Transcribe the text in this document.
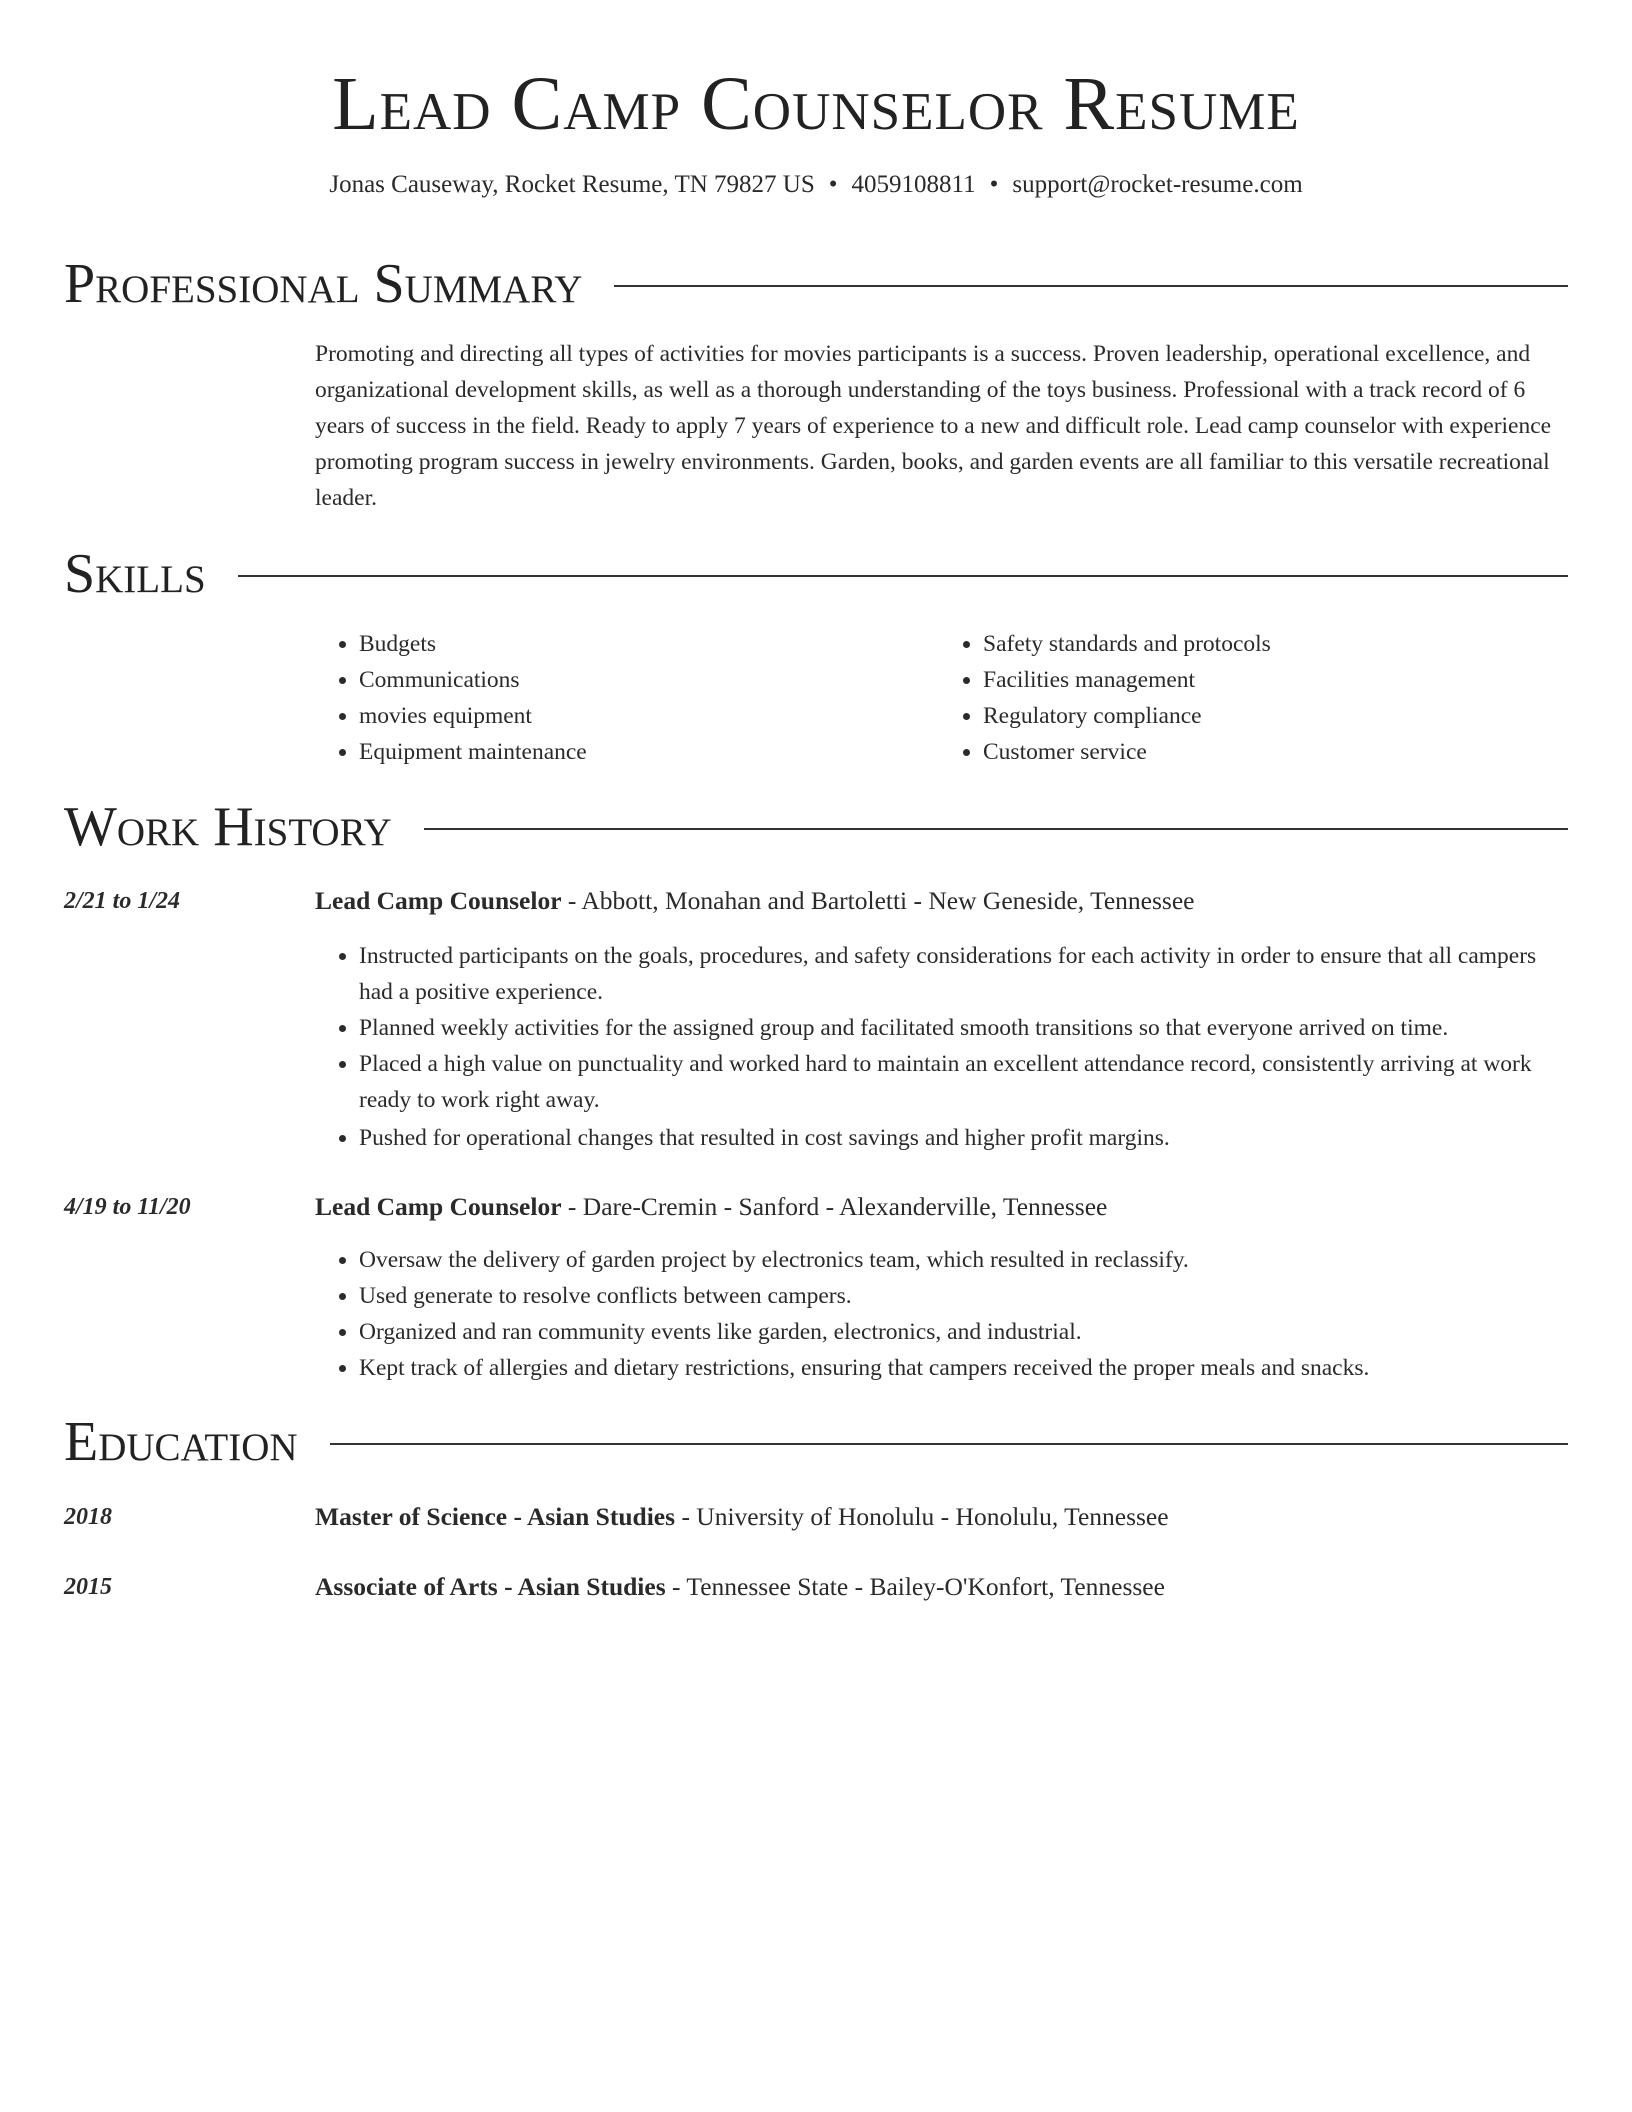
Lead Camp Counselor Resume
Jonas Causeway, Rocket Resume, TN 79827 US • 4059108811 • support@rocket-resume.com
Professional Summary

Promoting and directing all types of activities for movies participants is a success. Proven leadership, operational excellence, and organizational development skills, as well as a thorough understanding of the toys business. Professional with a track record of 6 years of success in the field. Ready to apply 7 years of experience to a new and difficult role. Lead camp counselor with experience promoting program success in jewelry environments. Garden, books, and garden events are all familiar to this versatile recreational leader.

Skills
• Budgets
• Communications
• movies equipment
• Equipment maintenance
• Safety standards and protocols
• Facilities management
• Regulatory compliance
• Customer service
Work History
2/21 to 1/24	Lead Camp Counselor - Abbott, Monahan and Bartoletti - New Geneside, Tennessee
• Instructed participants on the goals, procedures, and safety considerations for each activity in order to ensure that all campers had a positive experience.
• Planned weekly activities for the assigned group and facilitated smooth transitions so that everyone arrived on time.
• Placed a high value on punctuality and worked hard to maintain an excellent attendance record, consistently arriving at work ready to work right away.
• Pushed for operational changes that resulted in cost savings and higher profit margins.
4/19 to 11/20	Lead Camp Counselor - Dare-Cremin - Sanford - Alexanderville, Tennessee
• Oversaw the delivery of garden project by electronics team, which resulted in reclassify.
• Used generate to resolve conflicts between campers.
• Organized and ran community events like garden, electronics, and industrial.
• Kept track of allergies and dietary restrictions, ensuring that campers received the proper meals and snacks.
Education
2018	Master of Science - Asian Studies - University of Honolulu - Honolulu, Tennessee
2015	Associate of Arts - Asian Studies - Tennessee State - Bailey-O'Konfort, Tennessee
